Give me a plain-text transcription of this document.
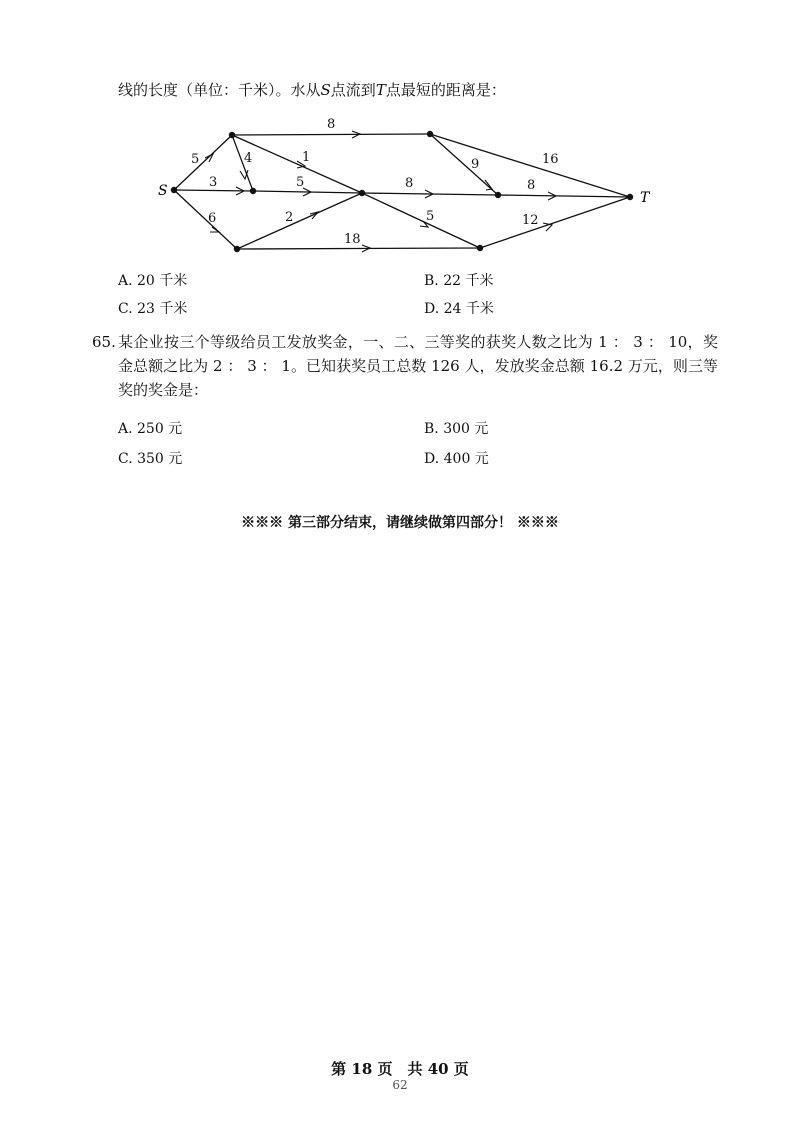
线的长度（单位：千米）。水从S点流到T点最短的距离是：
S	T
5
3
6
4	1
8
5
2
18
8
5
9	16
8
12
A. 20 千米	B. 22 千米
C. 23 千米	D. 24 千米
65. 某企业按三个等级给员工发放奖金，一、二、三等奖的获奖人数之比为 1 ： 3 ： 10，奖金总额之比为 2 ： 3 ： 1。已知获奖员工总数 126 人，发放奖金总额 16.2 万元，则三等奖的奖金是：
A. 250 元	B. 300 元
C. 350 元	D. 400 元
※※※ 第三部分结束，请继续做第四部分！ ※※※
第 18 页　共 40 页
62
